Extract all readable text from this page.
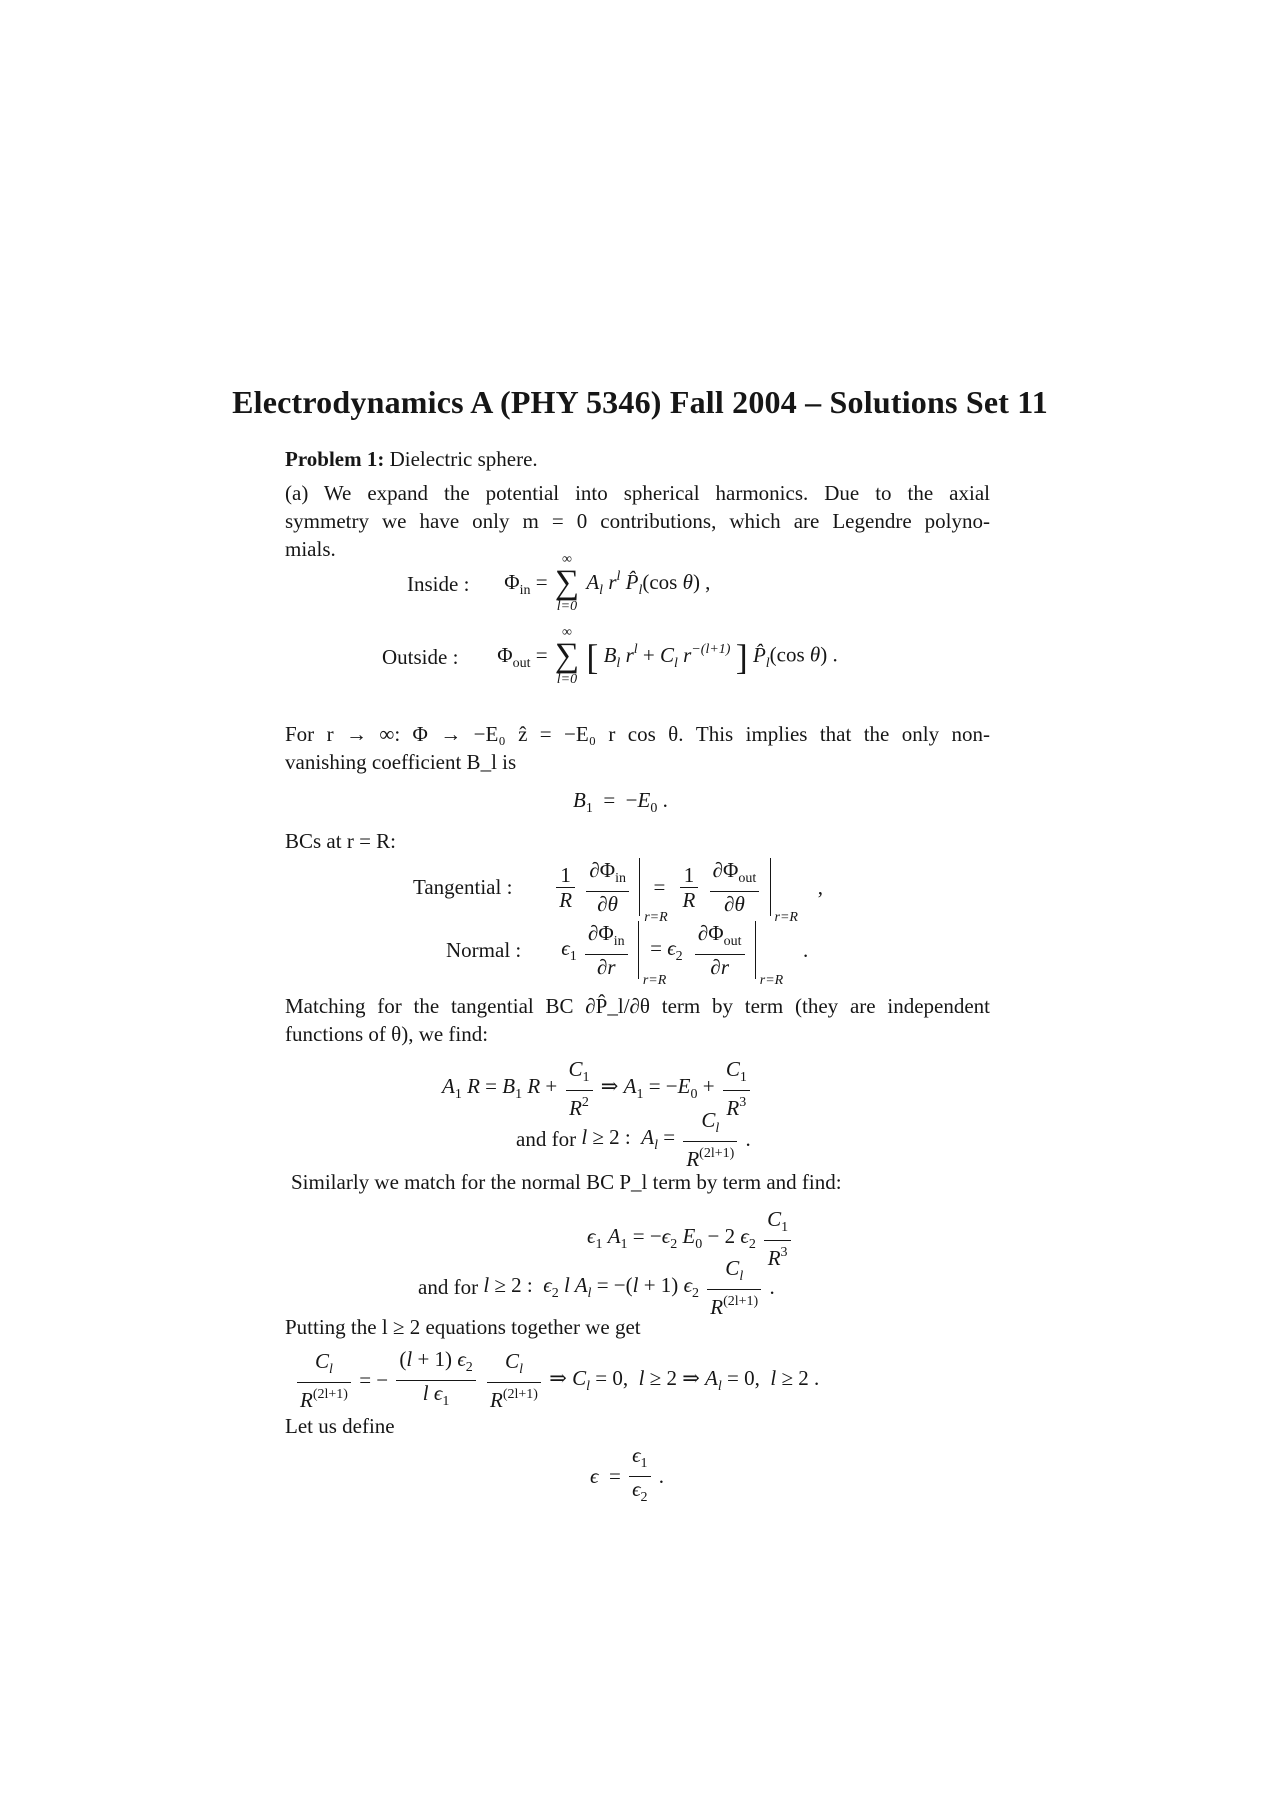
Electrodynamics A (PHY 5346) Fall 2004 – Solutions Set 11
Problem 1: Dielectric sphere.
(a) We expand the potential into spherical harmonics. Due to the axial
symmetry we have only m = 0 contributions, which are Legendre polyno-
mials.
Inside : $\Phi_{in}$ =
∞
∑
l=0
$A_l$ $r^l$ $P̂_l(\cos$ θ) ,
Outside : $\Phi_{out}$ =
∞
∑
l=0
[ $B_l$ $r^l + C_l$ $r^{-(l+1)}$ ] $P̂_l(\cos$ θ) .
For r → ∞: Φ → −E₀ ẑ = −E₀ r cos θ. This implies that the only non-
vanishing coefficient B_l is
$B_1 = -E_0$ .
BCs at r = R:
Tangential : $\frac{1}{R}$
$\frac{\partial\Phi_{in}}{\partial\theta}$

r=R
= $\frac{1}{R}$
$\frac{\partial\Phi_{out}}{\partial\theta}$

r=R
,
Normal : $\epsilon_1 \frac{\partial\Phi_{in}}{\partial r}$

r=R
= $\epsilon_2 \frac{\partial\Phi_{out}}{\partial r}$

r=R
.
Matching for the tangential BC ∂P̂_l/∂θ term by term (they are independent
functions of θ), we find:
$A_1$ $R = B_1$ $R + \frac{C_1}{R^2}$ ⇒ $A_1 = -E_0 + \frac{C_1}{R^3}$
and for l ≥ 2 :  $A_l = \frac{C_l}{R^{(2l+1)}}$ .
Similarly we match for the normal BC P_l term by term and find:
$\epsilon_1$ $A_1 = -\epsilon_2$ $E_0 - 2$ $\epsilon_2 \frac{C_1}{R^3}$
and for l ≥ 2 :  $\epsilon_2$ l $A_l = -(l + 1)$ $\epsilon_2 \frac{C_l}{R^{(2l+1)}}$ .
Putting the l ≥ 2 equations together we get
$\frac{C_l}{R^{(2l+1)}}$ = − $\frac{(l + 1) \epsilon_2}{l \epsilon_1}$
$\frac{C_l}{R^{(2l+1)}}$ ⇒ $C_l = 0$,  l ≥ 2 ⇒ $A_l = 0$,  l ≥ 2 .
Let us define
$\epsilon = \frac{\epsilon_1}{\epsilon_2}$ .
